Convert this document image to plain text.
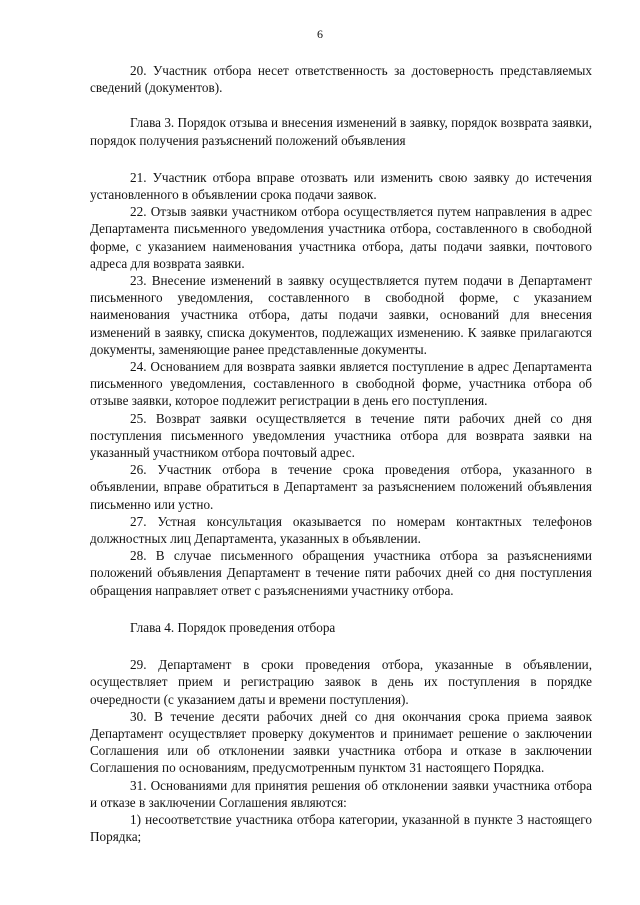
6

20. Участник отбора несет ответственность за достоверность представляемых сведений (документов).

Глава 3. Порядок отзыва и внесения изменений в заявку, порядок возврата заявки, порядок получения разъяснений положений объявления

21. Участник отбора вправе отозвать или изменить свою заявку до истечения установленного в объявлении срока подачи заявок.

22. Отзыв заявки участником отбора осуществляется путем направления в адрес Департамента письменного уведомления участника отбора, составленного в свободной форме, с указанием наименования участника отбора, даты подачи заявки, почтового адреса для возврата заявки.

23. Внесение изменений в заявку осуществляется путем подачи в Департамент письменного уведомления, составленного в свободной форме, с указанием наименования участника отбора, даты подачи заявки, оснований для внесения изменений в заявку, списка документов, подлежащих изменению. К заявке прилагаются документы, заменяющие ранее представленные документы.

24. Основанием для возврата заявки является поступление в адрес Департамента письменного уведомления, составленного в свободной форме, участника отбора об отзыве заявки, которое подлежит регистрации в день его поступления.

25. Возврат заявки осуществляется в течение пяти рабочих дней со дня поступления письменного уведомления участника отбора для возврата заявки на указанный участником отбора почтовый адрес.

26. Участник отбора в течение срока проведения отбора, указанного в объявлении, вправе обратиться в Департамент за разъяснением положений объявления письменно или устно.

27. Устная консультация оказывается по номерам контактных телефонов должностных лиц Департамента, указанных в объявлении.

28. В случае письменного обращения участника отбора за разъяснениями положений объявления Департамент в течение пяти рабочих дней со дня поступления обращения направляет ответ с разъяснениями участнику отбора.

Глава 4. Порядок проведения отбора

29. Департамент в сроки проведения отбора, указанные в объявлении, осуществляет прием и регистрацию заявок в день их поступления в порядке очередности (с указанием даты и времени поступления).

30. В течение десяти рабочих дней со дня окончания срока приема заявок Департамент осуществляет проверку документов и принимает решение о заключении Соглашения или об отклонении заявки участника отбора и отказе в заключении Соглашения по основаниям, предусмотренным пунктом 31 настоящего Порядка.

31. Основаниями для принятия решения об отклонении заявки участника отбора и отказе в заключении Соглашения являются:

1) несоответствие участника отбора категории, указанной в пункте 3 настоящего Порядка;
